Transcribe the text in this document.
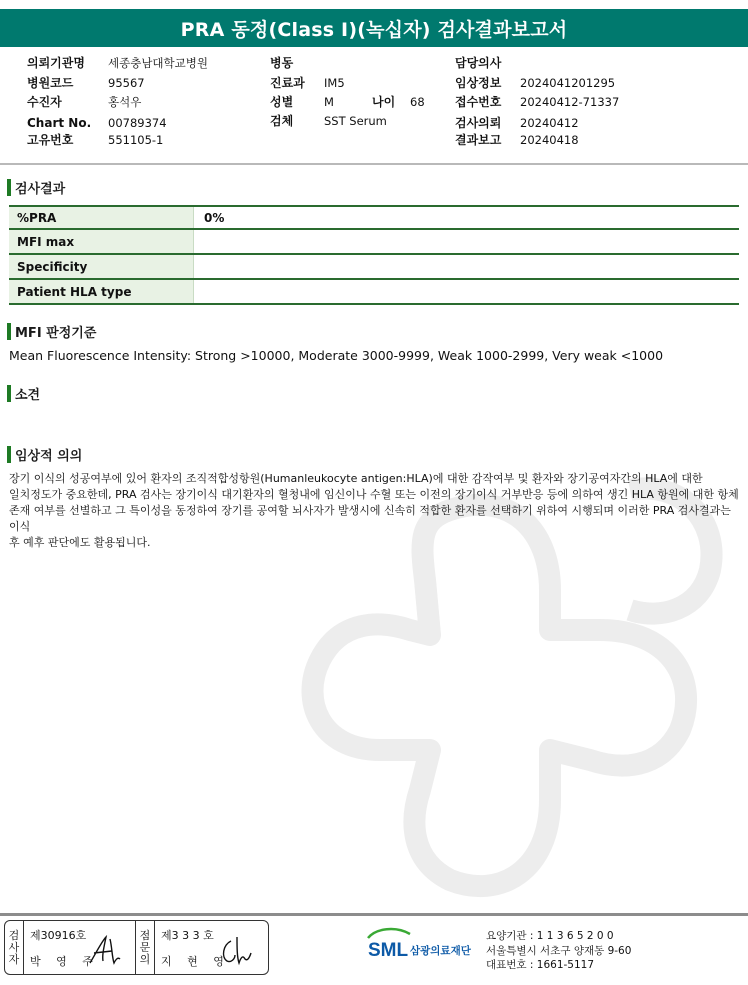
PRA 동정(Class I)(녹십자) 검사결과보고서
의뢰기관명 세종충남대학교병원
병원코드	95567
수진자	홍석우
Chart No. 00789374
고유번호	551105-1
병동
진료과 IM5
성별	M	나이 68
검체	SST Serum
담당의사
임상정보 2024041201295
접수번호 20240412-71337
검사의뢰 20240412
결과보고 20240418
검사결과
%PRA	0%
MFI max
Specificity
Patient HLA type
MFI 판정기준
Mean Fluorescence Intensity: Strong >10000, Moderate 3000-9999, Weak 1000-2999, Very weak <1000
소견
임상적 의의
장기 이식의 성공여부에 있어 환자의 조직적합성항원(Humanleukocyte antigen:HLA)에 대한 감작여부 및 환자와 장기공여자간의 HLA에 대한
일치정도가 중요한데, PRA 검사는 장기이식 대기환자의 혈청내에 임신이나 수혈 또는 이전의 장기이식 거부반응 등에 의하여 생긴 HLA 항원에 대한 항체
존재 여부를 선별하고 그 특이성을 동정하여 장기를 공여할 뇌사자가 발생시에 신속히 적합한 환자를 선택하기 위하여 시행되며 이러한 PRA 검사결과는 이식
후 예후 판단에도 활용됩니다.
검
사
자
제30916호
박 영 주
점
문
의
제3 3 3 호
지 현 영
SML 삼광의료재단
요양기관 : 1 1 3 6 5 2 0 0
서울특별시 서초구 양재동 9-60
대표번호 : 1661-5117
